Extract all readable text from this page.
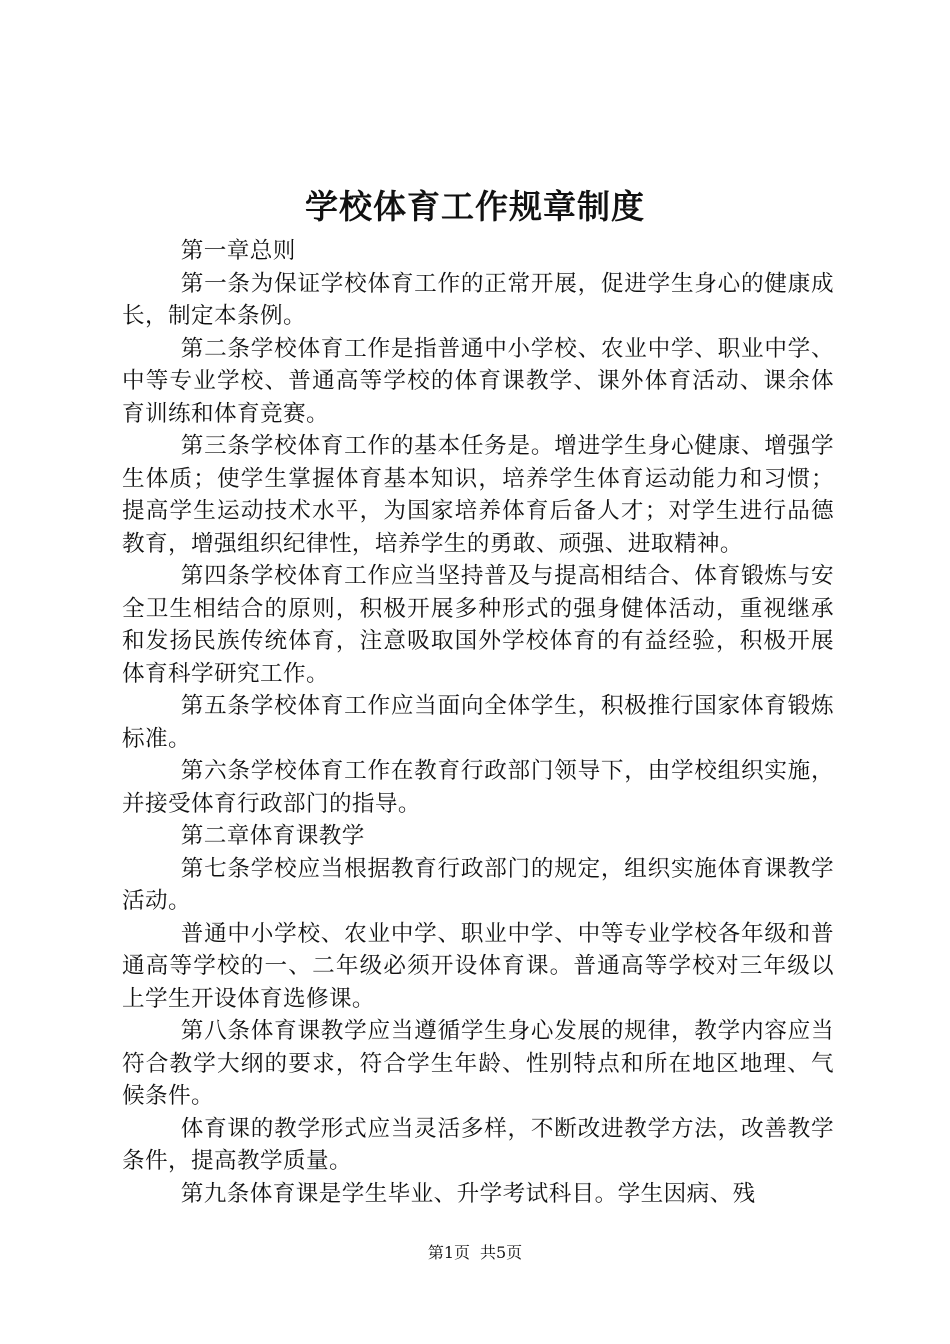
学校体育工作规章制度

第一章总则

第一条为保证学校体育工作的正常开展，促进学生身心的健康成长，制定本条例。

第二条学校体育工作是指普通中小学校、农业中学、职业中学、中等专业学校、普通高等学校的体育课教学、课外体育活动、课余体育训练和体育竞赛。

第三条学校体育工作的基本任务是。增进学生身心健康、增强学生体质；使学生掌握体育基本知识，培养学生体育运动能力和习惯；提高学生运动技术水平，为国家培养体育后备人才；对学生进行品德教育，增强组织纪律性，培养学生的勇敢、顽强、进取精神。

第四条学校体育工作应当坚持普及与提高相结合、体育锻炼与安全卫生相结合的原则，积极开展多种形式的强身健体活动，重视继承和发扬民族传统体育，注意吸取国外学校体育的有益经验，积极开展体育科学研究工作。

第五条学校体育工作应当面向全体学生，积极推行国家体育锻炼标准。

第六条学校体育工作在教育行政部门领导下，由学校组织实施，并接受体育行政部门的指导。

第二章体育课教学

第七条学校应当根据教育行政部门的规定，组织实施体育课教学活动。

普通中小学校、农业中学、职业中学、中等专业学校各年级和普通高等学校的一、二年级必须开设体育课。普通高等学校对三年级以上学生开设体育选修课。

第八条体育课教学应当遵循学生身心发展的规律，教学内容应当符合教学大纲的要求，符合学生年龄、性别特点和所在地区地理、气候条件。

体育课的教学形式应当灵活多样，不断改进教学方法，改善教学条件，提高教学质量。

第九条体育课是学生毕业、升学考试科目。学生因病、残

第1页 共5页
